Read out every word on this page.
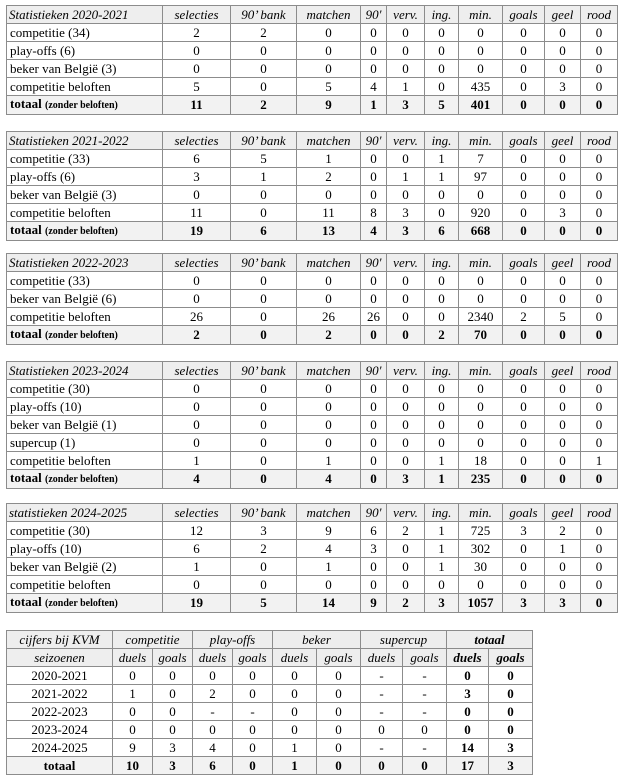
Statistieken 2020-2021	selecties	90’ bank	matchen	90'	verv.	ing.	min.	goals	geel	rood
competitie (34)	2	2	0	0	0	0	0	0	0	0
play-offs (6)	0	0	0	0	0	0	0	0	0	0
beker van België (3)	0	0	0	0	0	0	0	0	0	0
competitie beloften	5	0	5	4	1	0	435	0	3	0
totaal (zonder beloften)	11	2	9	1	3	5	401	0	0	0
Statistieken 2021-2022	selecties	90’ bank	matchen	90'	verv.	ing.	min.	goals	geel	rood
competitie (33)	6	5	1	0	0	1	7	0	0	0
play-offs (6)	3	1	2	0	1	1	97	0	0	0
beker van België (3)	0	0	0	0	0	0	0	0	0	0
competitie beloften	11	0	11	8	3	0	920	0	3	0
totaal (zonder beloften)	19	6	13	4	3	6	668	0	0	0
Statistieken 2022-2023	selecties	90’ bank	matchen	90'	verv.	ing.	min.	goals	geel	rood
competitie (33)	0	0	0	0	0	0	0	0	0	0
beker van België (6)	0	0	0	0	0	0	0	0	0	0
competitie beloften	26	0	26	26	0	0	2340	2	5	0
totaal (zonder beloften)	2	0	2	0	0	2	70	0	0	0
Statistieken 2023-2024	selecties	90’ bank	matchen	90'	verv.	ing.	min.	goals	geel	rood
competitie (30)	0	0	0	0	0	0	0	0	0	0
play-offs (10)	0	0	0	0	0	0	0	0	0	0
beker van België (1)	0	0	0	0	0	0	0	0	0	0
supercup (1)	0	0	0	0	0	0	0	0	0	0
competitie beloften	1	0	1	0	0	1	18	0	0	1
totaal (zonder beloften)	4	0	4	0	3	1	235	0	0	0
statistieken 2024-2025	selecties	90’ bank	matchen	90'	verv.	ing.	min.	goals	geel	rood
competitie (30)	12	3	9	6	2	1	725	3	2	0
play-offs (10)	6	2	4	3	0	1	302	0	1	0
beker van België (2)	1	0	1	0	0	1	30	0	0	0
competitie beloften	0	0	0	0	0	0	0	0	0	0
totaal (zonder beloften)	19	5	14	9	2	3	1057	3	3	0
cijfers bij KVM	competitie		play-offs		beker		supercup		totaal	
seizoenen	duels	goals	duels	goals	duels	goals	duels	goals	duels	goals
2020-2021	0	0	0	0	0	0	-	-	0	0
2021-2022	1	0	2	0	0	0	-	-	3	0
2022-2023	0	0	-	-	0	0	-	-	0	0
2023-2024	0	0	0	0	0	0	0	0	0	0
2024-2025	9	3	4	0	1	0	-	-	14	3
totaal	10	3	6	0	1	0	0	0	17	3
